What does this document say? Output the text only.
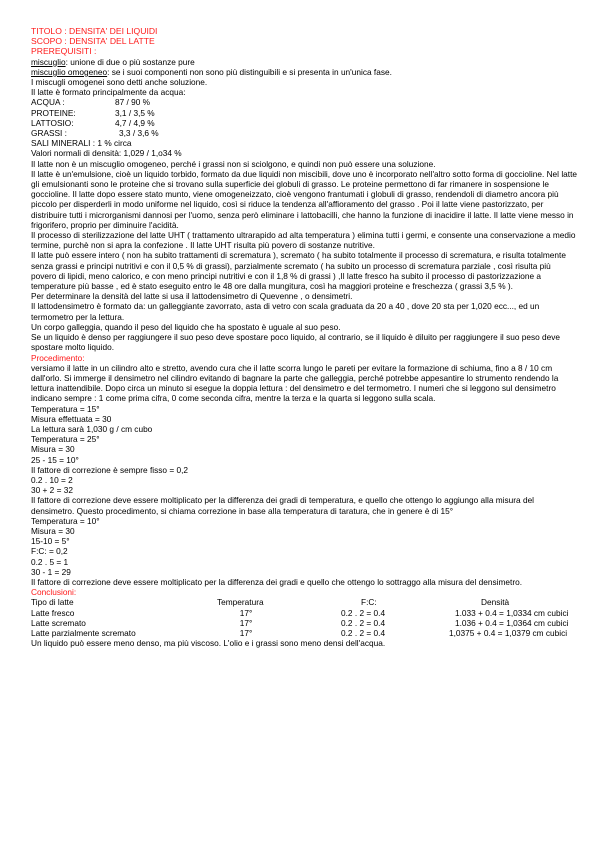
TITOLO : DENSITA' DEI LIQUIDI
SCOPO : DENSITA' DEL LATTE
PREREQUISITI :
miscuglio: unione di due o più sostanze pure
miscuglio omogeneo: se i suoi componenti non sono più distinguibili e si presenta in un'unica fase.
I miscugli omogenei sono detti anche soluzione.
Il latte è formato principalmente da acqua:
ACQUA :	87 / 90 %
PROTEINE:	3,1 / 3,5 %
LATTOSIO:	4,7 / 4,9 %
GRASSI :	3,3 / 3,6 %
SALI MINERALI : 1 % circa
Valori normali di densità: 1,029 / 1,o34 %
Il latte non è un miscuglio omogeneo, perché i grassi non si sciolgono, e quindi non può essere una soluzione.
Il latte è un'emulsione, cioè un liquido torbido, formato da due liquidi non miscibili, dove uno è incorporato nell'altro sotto forma di goccioline. Nel latte gli emulsionanti sono le proteine che si trovano sulla superficie dei globuli di grasso. Le proteine permettono di far rimanere in sospensione le goccioline. Il latte dopo essere stato munto, viene omogeneizzato, cioè vengono frantumati i globuli di grasso, rendendoli di diametro ancora più piccolo per disperderli in modo uniforme nel liquido, così si riduce la tendenza all'affioramento del grasso . Poi il latte viene pastorizzato, per distribuire tutti i microrganismi dannosi per l'uomo, senza però eliminare i lattobacilli, che hanno la funzione di inacidire il latte. Il latte viene messo in frigorifero, proprio per diminuire l'acidità.
Il processo di sterilizzazione del latte UHT ( trattamento ultrarapido ad alta temperatura ) elimina tutti i germi, e consente una conservazione a medio termine, purchè non si apra la confezione . Il latte UHT risulta più povero di sostanze nutritive.
Il latte può essere intero ( non ha subito trattamenti di scrematura ), scremato ( ha subito totalmente il processo di scrematura, e risulta totalmente senza grassi e principi nutritivi e con il 0,5 % di grassi), parzialmente scremato ( ha subito un processo di scrematura parziale , così risulta più povero di lipidi, meno calorico, e con meno principi nutritivi e con il 1,8 % di grassi ) ,Il latte fresco ha subito il processo di pastorizzazione a temperature più basse , ed è stato eseguito entro le 48 ore dalla mungitura, così ha maggiori proteine e freschezza ( grassi 3,5 % ).
Per determinare la densità del latte si usa il lattodensimetro di Quevenne , o densimetri.
Il lattodensimetro è formato da: un galleggiante zavorrato, asta di vetro con scala graduata da 20 a 40 , dove 20 sta per 1,020 ecc..., ed un termometro per la lettura.
Un corpo galleggia, quando il peso del liquido che ha spostato è uguale al suo peso.
Se un liquido è denso per raggiungere il suo peso deve spostare poco liquido, al contrario, se il liquido è diluito per raggiungere il suo peso deve spostare molto liquido.
Procedimento:
versiamo il latte in un cilindro alto e stretto, avendo cura che il latte scorra lungo le pareti per evitare la formazione di schiuma, fino a 8 / 10 cm dall'orlo. Si immerge il densimetro nel cilindro evitando di bagnare la parte che galleggia, perché potrebbe appesantire lo strumento rendendo la lettura inattendibile. Dopo circa un minuto si esegue la doppia lettura : del densimetro e del termometro. I numeri che si leggono sul densimetro indicano sempre : 1 come prima cifra, 0 come seconda cifra, mentre la terza e la quarta si leggono sulla scala.
Temperatura = 15°
Misura effettuata = 30
La lettura sarà 1,030 g / cm cubo
Temperatura = 25°
Misura = 30
25 - 15 = 10°
Il fattore di correzione è sempre fisso = 0,2
0.2 . 10 = 2
30 + 2 = 32
Il fattore di correzione deve essere moltiplicato per la differenza dei gradi di temperatura, e quello che ottengo lo aggiungo alla misura del densimetro. Questo procedimento, si chiama correzione in base alla temperatura di taratura, che in genere è di 15°
Temperatura = 10°
Misura = 30
15-10 = 5°
F:C: = 0,2
0.2 . 5 = 1
30 - 1 = 29
Il fattore di correzione deve essere moltiplicato per la differenza dei gradi e quello che ottengo lo sottraggo alla misura del densimetro.
Conclusioni:
Tipo di latte	Temperatura	F:C:	Densità
Latte fresco	17°	0.2 . 2 = 0.4	1.033 + 0.4 = 1,0334 cm cubici
Latte scremato	17°	0.2 . 2 = 0.4	1.036 + 0.4 = 1,0364 cm cubici
Latte parzialmente scremato	17°	0.2 . 2 = 0.4	1,0375 + 0.4 = 1,0379 cm cubici
Un liquido può essere meno denso, ma più viscoso. L'olio e i grassi sono meno densi dell'acqua.
